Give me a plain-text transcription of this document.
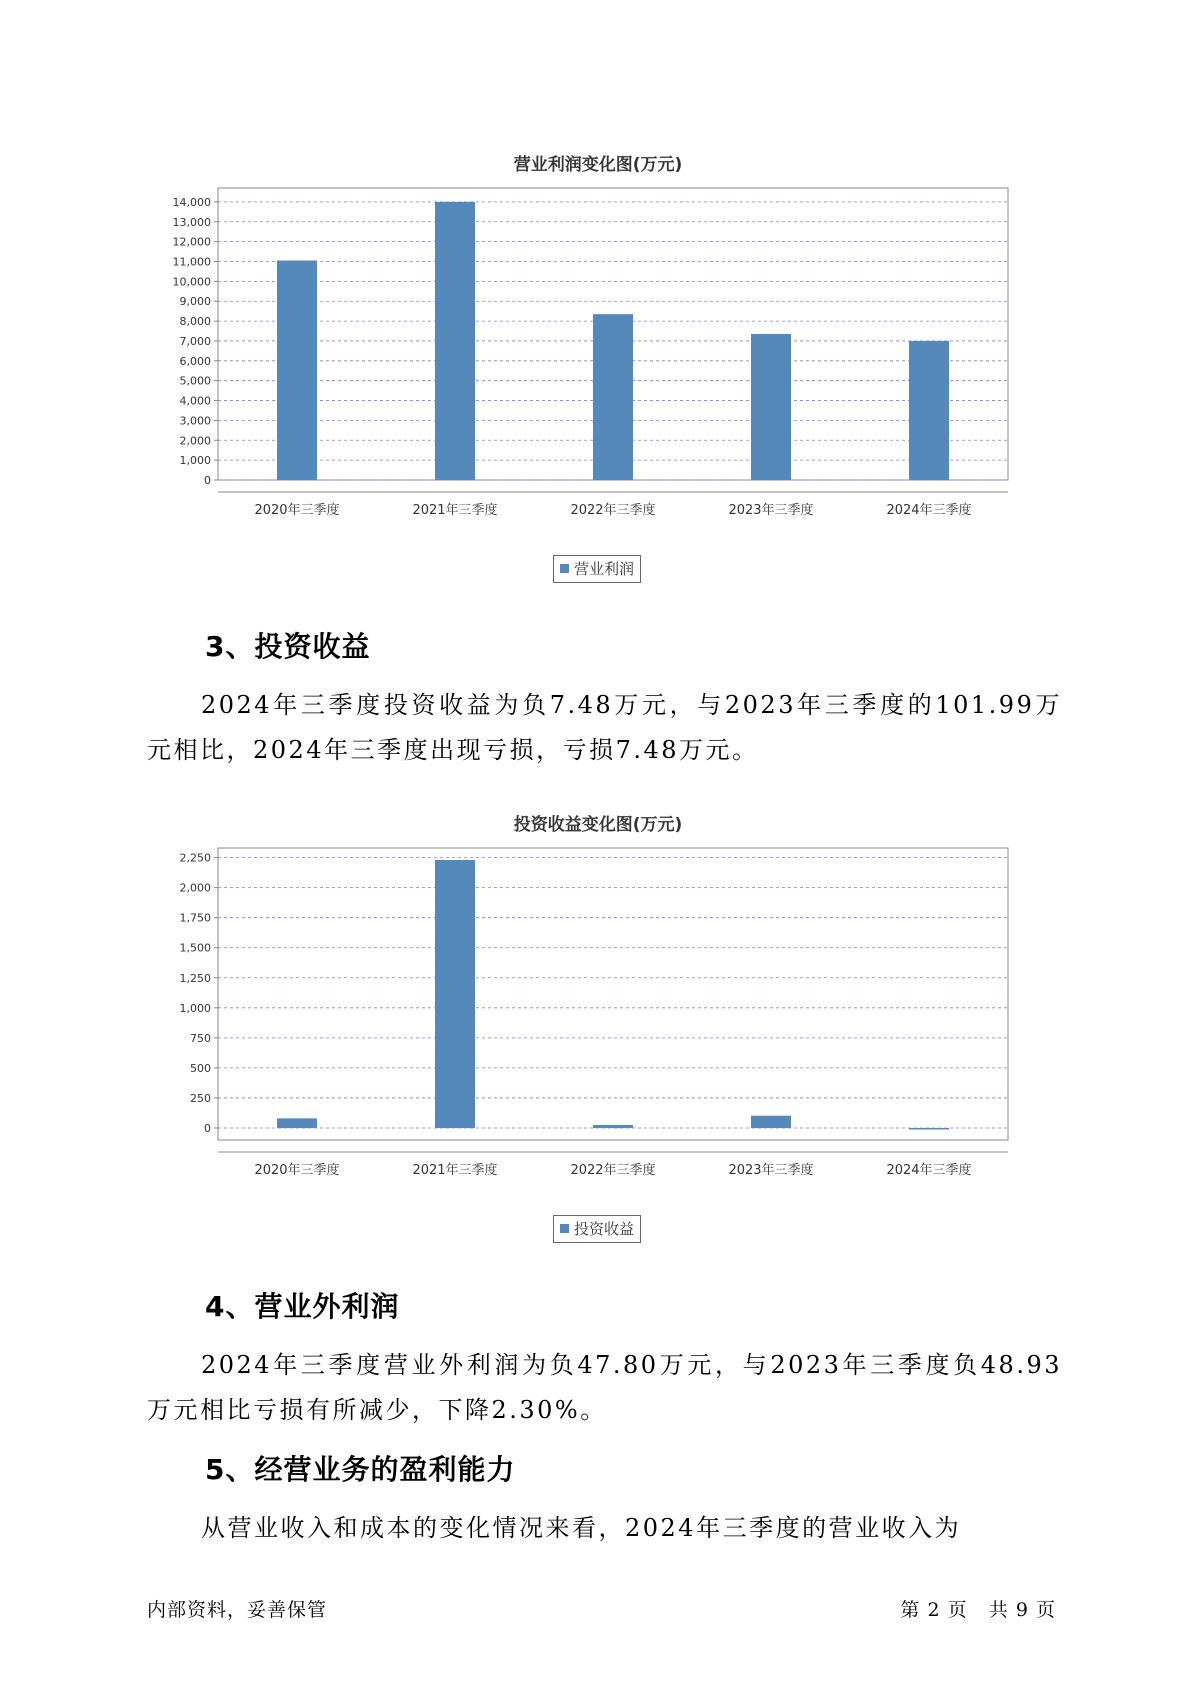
营业利润变化图(万元)
0
1,000
2,000
3,000
4,000
5,000
6,000
7,000
8,000
9,000
10,000
11,000
12,000
13,000
14,000
2020年三季度	2021年三季度	2022年三季度	2023年三季度	2024年三季度
营业利润
3、投资收益
2024年三季度投资收益为负7.48万元，与2023年三季度的101.99万元相比，2024年三季度出现亏损，亏损7.48万元。
投资收益变化图(万元)
0
250
500
750
1,000
1,250
1,500
1,750
2,000
2,250
2020年三季度	2021年三季度	2022年三季度	2023年三季度	2024年三季度
投资收益
4、营业外利润
2024年三季度营业外利润为负47.80万元，与2023年三季度负48.93万元相比亏损有所减少，下降2.30%。
5、经营业务的盈利能力
从营业收入和成本的变化情况来看，2024年三季度的营业收入为
内部资料，妥善保管	第 2 页 共 9 页
